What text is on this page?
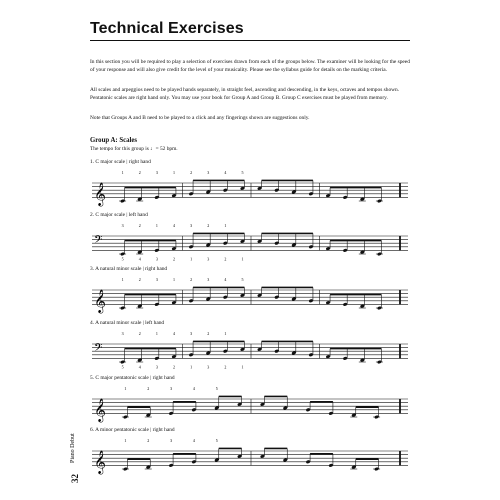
Technical Exercises

In this section you will be required to play a selection of exercises drawn from each of the groups below. The examiner will be looking for the speed of your response and will also give credit for the level of your musicality. Please see the syllabus guide for details on the marking criteria.

All scales and arpeggios need to be played hands separately, in straight feel, ascending and descending, in the keys, octaves and tempos shown. Pentatonic scales are right hand only. You may use your book for Group A and Group B. Group C exercises must be played from memory.

Note that Groups A and B need to be played to a click and any fingerings shown are suggestions only.

Group A: Scales
The tempo for this group is ♩= 52 bpm.
1. C major scale | right hand
𝄞
1	2	3	1	2	3	4	5
2. C major scale | left hand
𝄢
3	2	1	4	3	2	1
5	4	3	2	1	3	2	1
3. A natural minor scale | right hand
𝄞
1	2	3	1	2	3	4	5
4. A natural minor scale | left hand
𝄢
3	2	1	4	3	2	1
5	4	3	2	1	3	2	1
5. C major pentatonic scale | right hand
𝄞
1	2	3	4	5
6. A minor pentatonic scale | right hand
𝄞
1	2	3	4	5
Piano Debut
32
